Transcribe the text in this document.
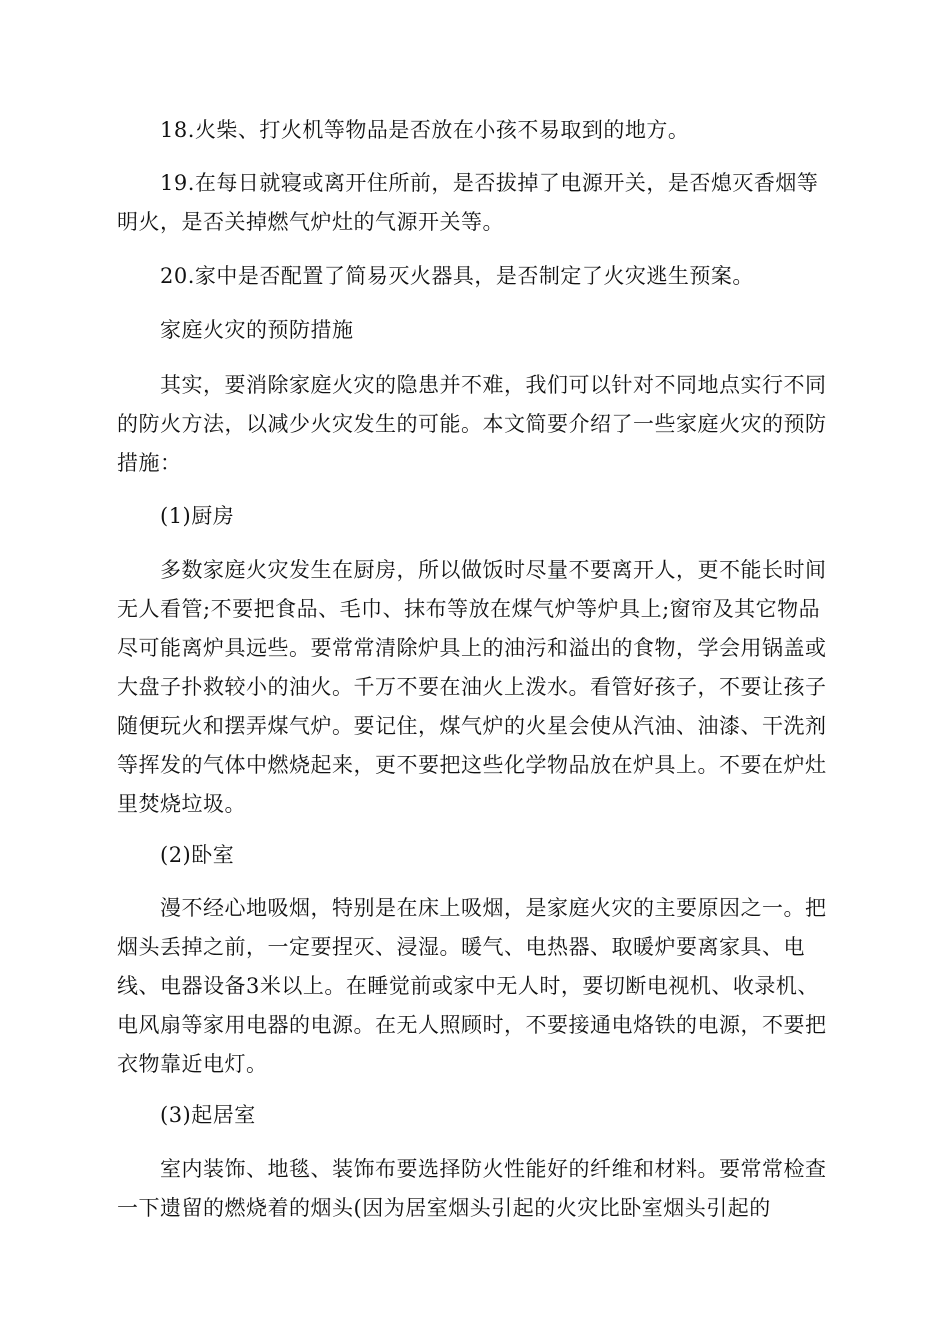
18.火柴、打火机等物品是否放在小孩不易取到的地方。

19.在每日就寝或离开住所前，是否拔掉了电源开关，是否熄灭香烟等明火，是否关掉燃气炉灶的气源开关等。

20.家中是否配置了简易灭火器具，是否制定了火灾逃生预案。

家庭火灾的预防措施

其实，要消除家庭火灾的隐患并不难，我们可以针对不同地点实行不同的防火方法，以减少火灾发生的可能。本文简要介绍了一些家庭火灾的预防措施：

(1)厨房

多数家庭火灾发生在厨房，所以做饭时尽量不要离开人，更不能长时间无人看管;不要把食品、毛巾、抹布等放在煤气炉等炉具上;窗帘及其它物品尽可能离炉具远些。要常常清除炉具上的油污和溢出的食物，学会用锅盖或大盘子扑救较小的油火。千万不要在油火上泼水。看管好孩子，不要让孩子随便玩火和摆弄煤气炉。要记住，煤气炉的火星会使从汽油、油漆、干洗剂等挥发的气体中燃烧起来，更不要把这些化学物品放在炉具上。不要在炉灶里焚烧垃圾。

(2)卧室

漫不经心地吸烟，特别是在床上吸烟，是家庭火灾的主要原因之一。把烟头丢掉之前，一定要捏灭、浸湿。暖气、电热器、取暖炉要离家具、电线、电器设备3米以上。在睡觉前或家中无人时，要切断电视机、收录机、电风扇等家用电器的电源。在无人照顾时，不要接通电烙铁的电源，不要把衣物靠近电灯。

(3)起居室

室内装饰、地毯、装饰布要选择防火性能好的纤维和材料。要常常检查一下遗留的燃烧着的烟头(因为居室烟头引起的火灾比卧室烟头引起的
